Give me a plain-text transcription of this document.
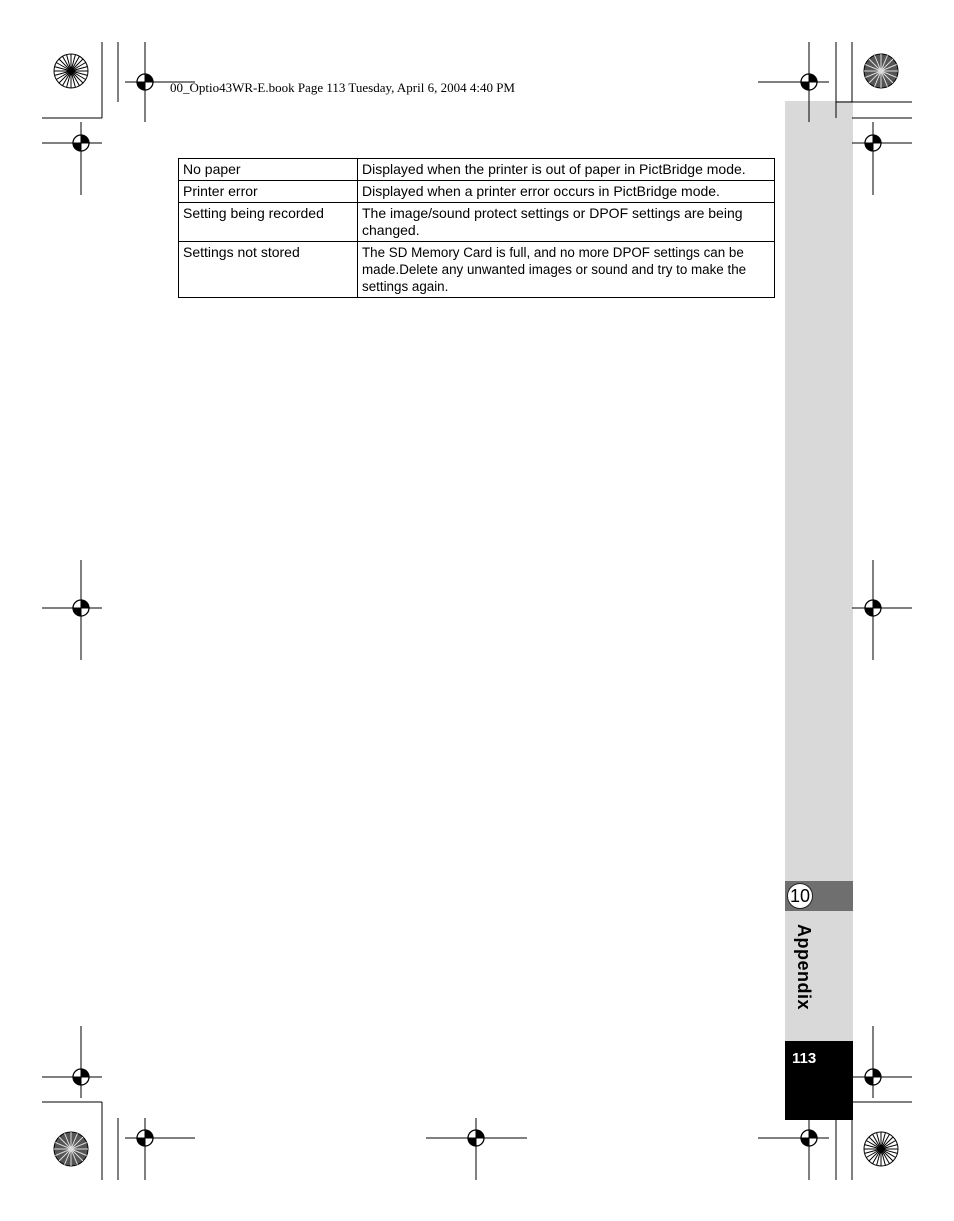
00_Optio43WR-E.book Page 113 Tuesday, April 6, 2004 4:40 PM
No paper	Displayed when the printer is out of paper in PictBridge mode.
Printer error	Displayed when a printer error occurs in PictBridge mode.
Setting being recorded	The image/sound protect settings or DPOF settings are being changed.
Settings not stored	The SD Memory Card is full, and no more DPOF settings can be made.Delete any unwanted images or sound and try to make the settings again.
10
Appendix
113
